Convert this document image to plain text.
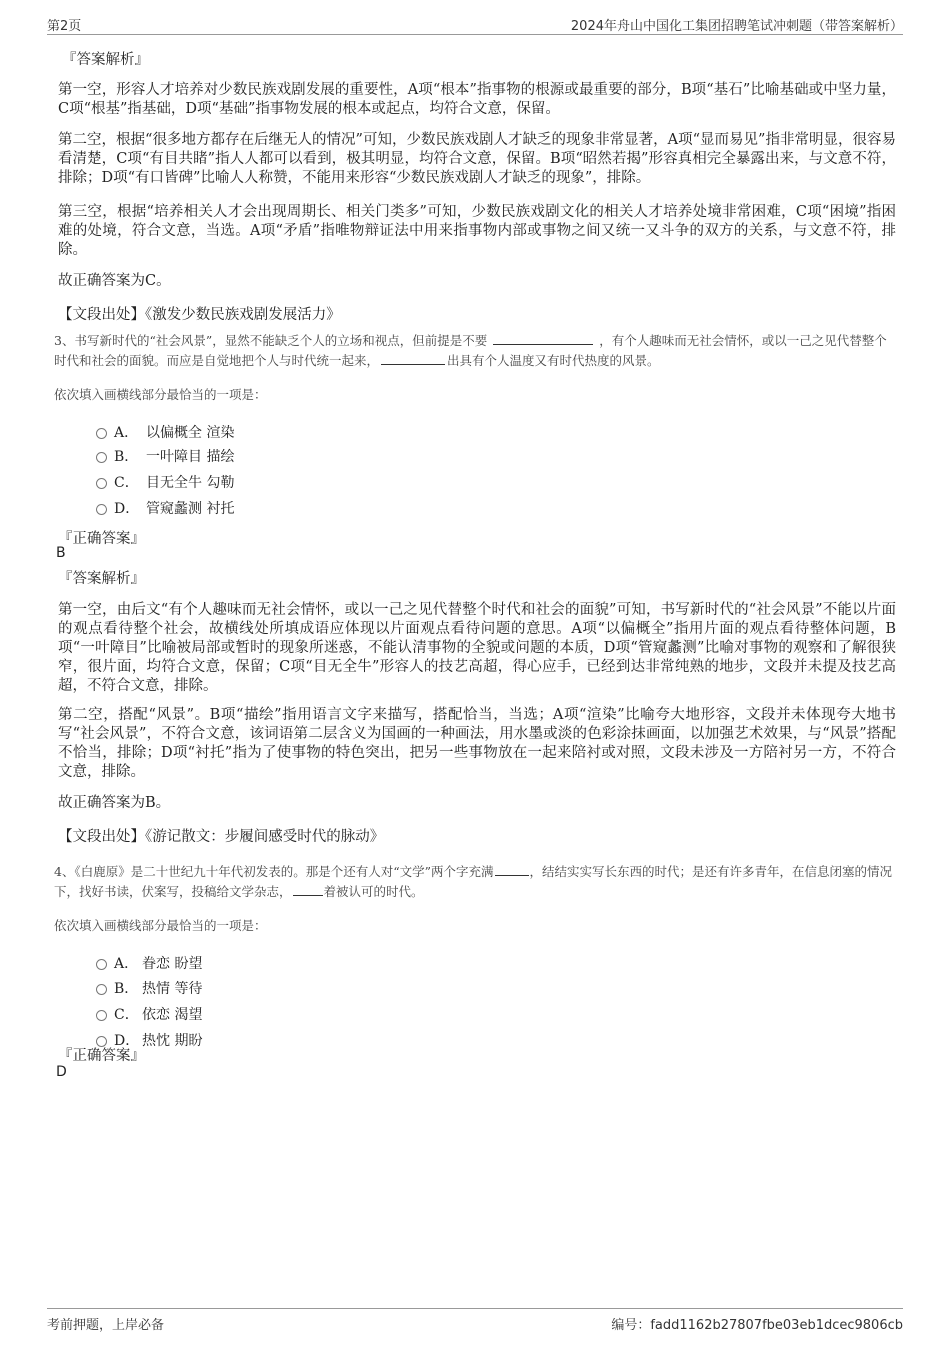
第2页	2024年舟山中国化工集团招聘笔试冲刺题（带答案解析）
『答案解析』
第一空，形容人才培养对少数民族戏剧发展的重要性，A项“根本”指事物的根源或最重要的部分，B项“基石”比喻基础或中坚力量，C项“根基”指基础，D项“基础”指事物发展的根本或起点，均符合文意，保留。
第二空，根据“很多地方都存在后继无人的情况”可知，少数民族戏剧人才缺乏的现象非常显著，A项“显而易见”指非常明显，很容易看清楚，C项“有目共睹”指人人都可以看到，极其明显，均符合文意，保留。B项“昭然若揭”形容真相完全暴露出来，与文意不符，排除；D项“有口皆碑”比喻人人称赞，不能用来形容“少数民族戏剧人才缺乏的现象”，排除。
第三空，根据“培养相关人才会出现周期长、相关门类多”可知，少数民族戏剧文化的相关人才培养处境非常困难，C项“困境”指困难的处境，符合文意，当选。A项“矛盾”指唯物辩证法中用来指事物内部或事物之间又统一又斗争的双方的关系，与文意不符，排除。
故正确答案为C。
【文段出处】《激发少数民族戏剧发展活力》
3、书写新时代的“社会风景”，显然不能缺乏个人的立场和视点，但前提是不要	，有个人趣味而无社会情怀，或以一己之见代替整个时代和社会的面貌。而应是自觉地把个人与时代统一起来，	出具有个人温度又有时代热度的风景。
依次填入画横线部分最恰当的一项是：
A． 以偏概全 渲染
B． 一叶障目 描绘
C． 目无全牛 勾勒
D． 管窥蠡测 衬托
『正确答案』
B
『答案解析』
第一空，由后文“有个人趣味而无社会情怀，或以一己之见代替整个时代和社会的面貌”可知，书写新时代的“社会风景”不能以片面的观点看待整个社会，故横线处所填成语应体现以片面观点看待问题的意思。A项“以偏概全”指用片面的观点看待整体问题，B项“一叶障目”比喻被局部或暂时的现象所迷惑，不能认清事物的全貌或问题的本质，D项“管窥蠡测”比喻对事物的观察和了解很狭窄，很片面，均符合文意，保留；C项“目无全牛”形容人的技艺高超，得心应手，已经到达非常纯熟的地步，文段并未提及技艺高超，不符合文意，排除。
第二空，搭配“风景”。B项“描绘”指用语言文字来描写，搭配恰当，当选；A项“渲染”比喻夸大地形容，文段并未体现夸大地书写“社会风景”，不符合文意，该词语第二层含义为国画的一种画法，用水墨或淡的色彩涂抹画面，以加强艺术效果，与“风景”搭配不恰当，排除；D项“衬托”指为了使事物的特色突出，把另一些事物放在一起来陪衬或对照，文段未涉及一方陪衬另一方，不符合文意，排除。
故正确答案为B。
【文段出处】《游记散文：步履间感受时代的脉动》
4、《白鹿原》是二十世纪九十年代初发表的。那是个还有人对“文学”两个字充满	，结结实实写长东西的时代；是还有许多青年，在信息闭塞的情况下，找好书读，伏案写，投稿给文学杂志，	着被认可的时代。
依次填入画横线部分最恰当的一项是：
A． 眷恋 盼望
B． 热情 等待
C． 依恋 渴望
D． 热忱 期盼
『正确答案』
D
考前押题，上岸必备	编号：fadd1162b27807fbe03eb1dcec9806cb
